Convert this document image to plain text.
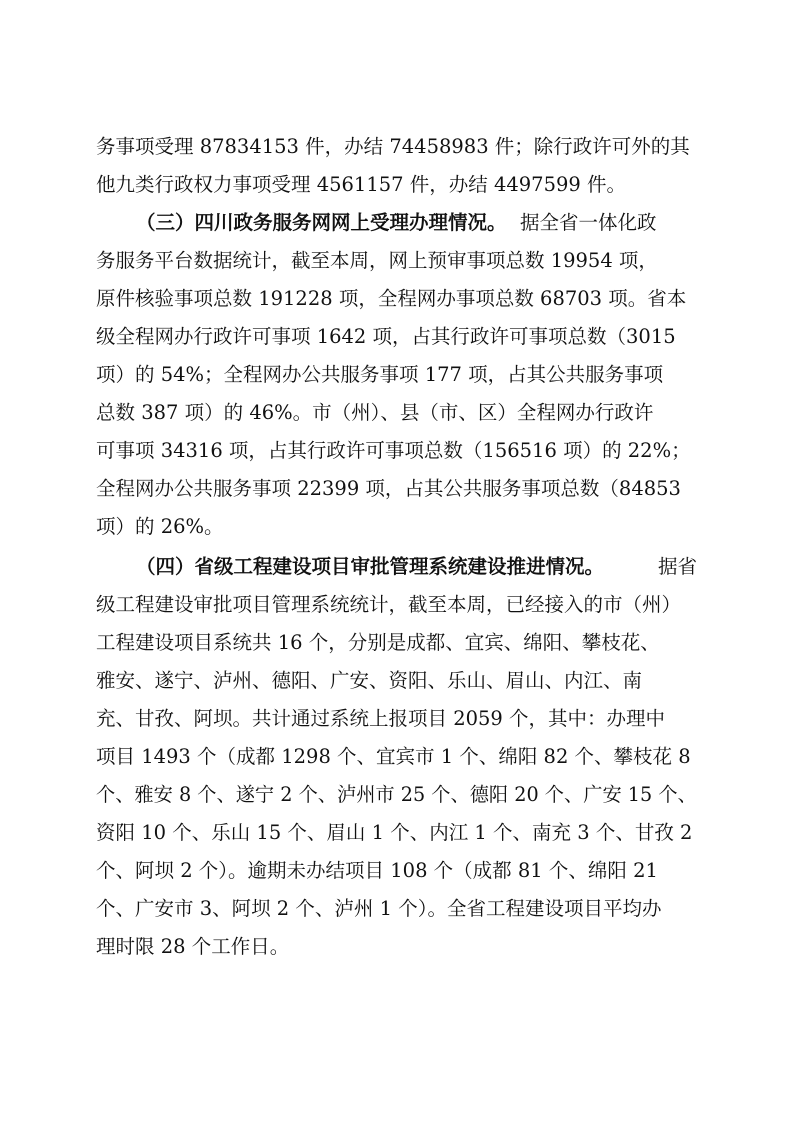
务事项受理 87834153 件，办结 74458983 件；除行政许可外的其
他九类行政权力事项受理 4561157 件，办结 4497599 件。
（三）四川政务服务网网上受理办理情况。 据全省一体化政
务服务平台数据统计，截至本周，网上预审事项总数 19954 项，
原件核验事项总数 191228 项，全程网办事项总数 68703 项。省本
级全程网办行政许可事项 1642 项，占其行政许可事项总数（3015
项）的 54%；全程网办公共服务事项 177 项，占其公共服务事项
总数 387 项）的 46%。市（州）、县（市、区）全程网办行政许
可事项 34316 项，占其行政许可事项总数（156516 项）的 22%；
全程网办公共服务事项 22399 项，占其公共服务事项总数（84853
项）的 26%。
（四）省级工程建设项目审批管理系统建设推进情况。	据省
级工程建设审批项目管理系统统计，截至本周，已经接入的市（州）
工程建设项目系统共 16 个，分别是成都、宜宾、绵阳、攀枝花、
雅安、遂宁、泸州、德阳、广安、资阳、乐山、眉山、内江、南
充、甘孜、阿坝。共计通过系统上报项目 2059 个，其中：办理中
项目 1493 个（成都 1298 个、宜宾市 1 个、绵阳 82 个、攀枝花 8
个、雅安 8 个、遂宁 2 个、泸州市 25 个、德阳 20 个、广安 15 个、
资阳 10 个、乐山 15 个、眉山 1 个、内江 1 个、南充 3 个、甘孜 2
个、阿坝 2 个）。逾期未办结项目 108 个（成都 81 个、绵阳 21
个、广安市 3、阿坝 2 个、泸州 1 个）。全省工程建设项目平均办
理时限 28 个工作日。
